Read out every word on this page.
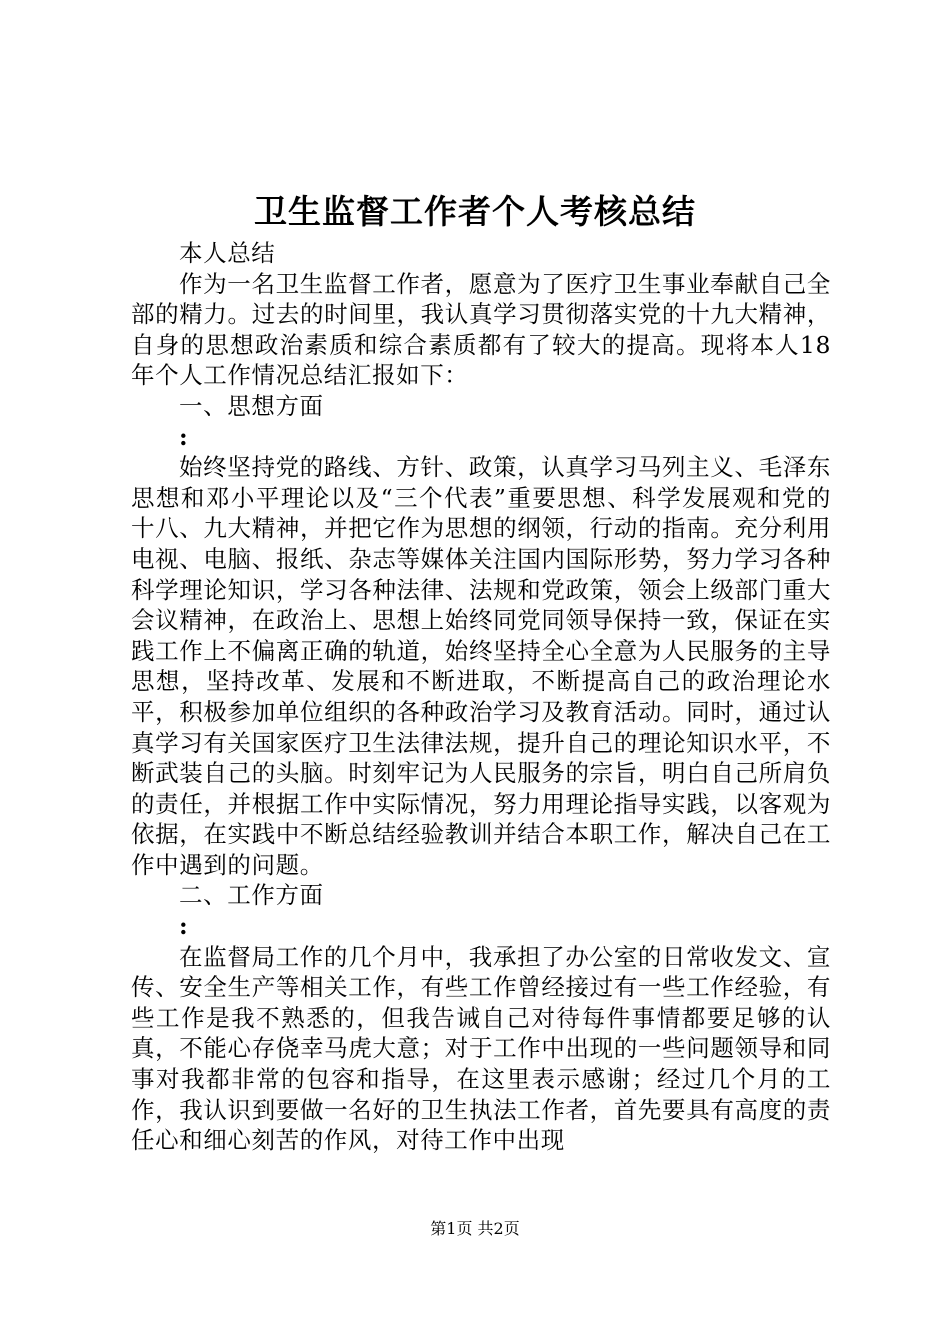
卫生监督工作者个人考核总结

本人总结

作为一名卫生监督工作者，愿意为了医疗卫生事业奉献自己全部的精力。过去的时间里，我认真学习贯彻落实党的十九大精神，自身的思想政治素质和综合素质都有了较大的提高。现将本人18年个人工作情况总结汇报如下：

一、思想方面

:

始终坚持党的路线、方针、政策，认真学习马列主义、毛泽东思想和邓小平理论以及“三个代表”重要思想、科学发展观和党的十八、九大精神，并把它作为思想的纲领，行动的指南。充分利用电视、电脑、报纸、杂志等媒体关注国内国际形势，努力学习各种科学理论知识，学习各种法律、法规和党政策，领会上级部门重大会议精神，在政治上、思想上始终同党同领导保持一致，保证在实践工作上不偏离正确的轨道，始终坚持全心全意为人民服务的主导思想，坚持改革、发展和不断进取，不断提高自己的政治理论水平，积极参加单位组织的各种政治学习及教育活动。同时，通过认真学习有关国家医疗卫生法律法规，提升自己的理论知识水平，不断武装自己的头脑。时刻牢记为人民服务的宗旨，明白自己所肩负的责任，并根据工作中实际情况，努力用理论指导实践，以客观为依据，在实践中不断总结经验教训并结合本职工作，解决自己在工作中遇到的问题。

二、工作方面

:

在监督局工作的几个月中，我承担了办公室的日常收发文、宣传、安全生产等相关工作，有些工作曾经接过有一些工作经验，有些工作是我不熟悉的，但我告诫自己对待每件事情都要足够的认真，不能心存侥幸马虎大意；对于工作中出现的一些问题领导和同事对我都非常的包容和指导，在这里表示感谢；经过几个月的工作，我认识到要做一名好的卫生执法工作者，首先要具有高度的责任心和细心刻苦的作风，对待工作中出现

第1页 共2页
